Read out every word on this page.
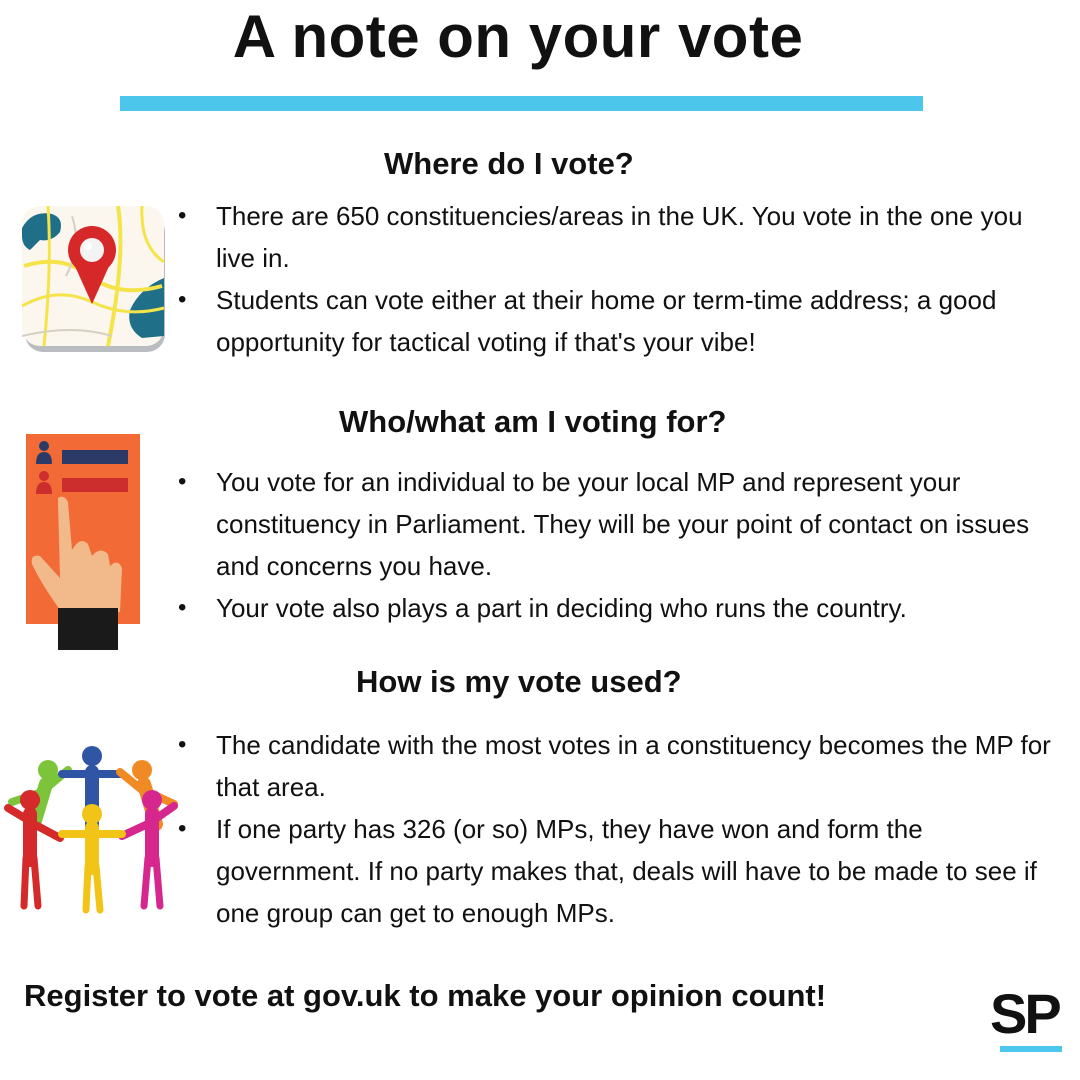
A note on your vote
Where do I vote?
• There are 650 constituencies/areas in the UK. You vote in the one you live in.
• Students can vote either at their home or term-time address; a good opportunity for tactical voting if that's your vibe!
Who/what am I voting for?
• You vote for an individual to be your local MP and represent your constituency in Parliament. They will be your point of contact on issues and concerns you have.
• Your vote also plays a part in deciding who runs the country.
How is my vote used?
• The candidate with the most votes in a constituency becomes the MP for that area.
• If one party has 326 (or so) MPs, they have won and form the government. If no party makes that, deals will have to be made to see if one group can get to enough MPs.

Register to vote at gov.uk to make your opinion count!	SP
